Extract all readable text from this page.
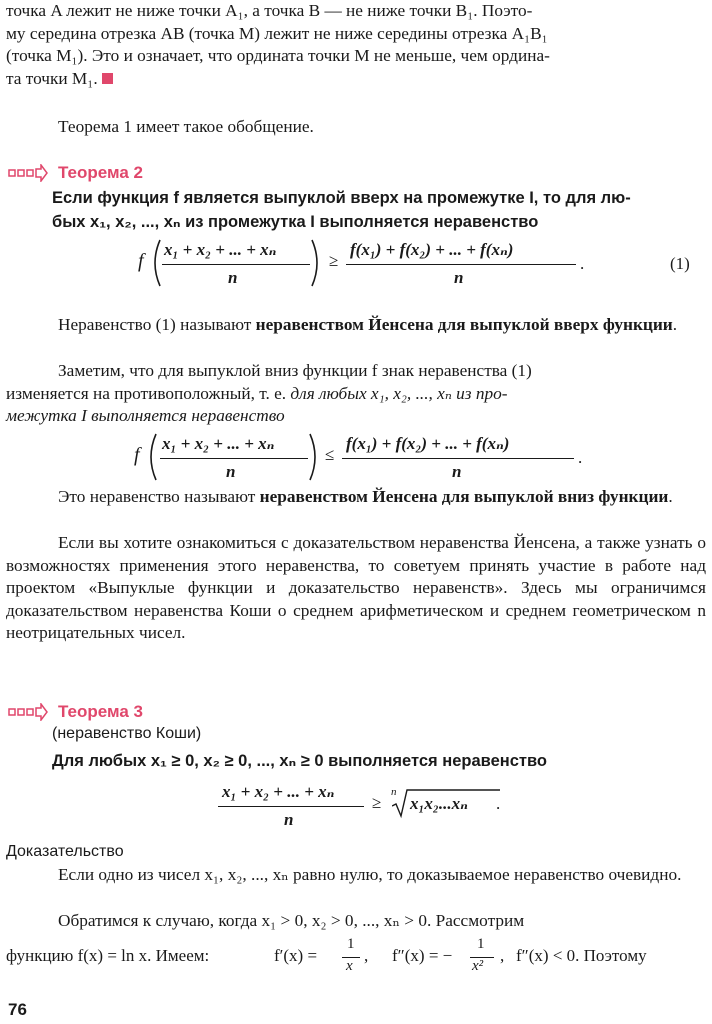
точка A лежит не ниже точки A₁, а точка B — не ниже точки B₁. Поэто-
му середина отрезка AB (точка M) лежит не ниже середины отрезка A₁B₁
(точка M₁). Это и означает, что ордината точки M не меньше, чем ордина-
та точки M₁.
Теорема 1 имеет такое обобщение.
Теорема 2
Если функция f является выпуклой вверх на промежутке I, то для лю-
бых x₁, x₂, ..., xₙ из промежутка I выполняется неравенство
f
x₁ + x₂ + ... + xₙ
n
≥
f(x₁) + f(x₂) + ... + f(xₙ)
n
.	(1)
Неравенство (1) называют неравенством Йенсена для выпуклой вверх функции.
Заметим, что для выпуклой вниз функции f знак неравенства (1)
изменяется на противоположный, т. е. для любых x₁, x₂, ..., xₙ из про-
межутка I выполняется неравенство
f
x₁ + x₂ + ... + xₙ
n
≤
f(x₁) + f(x₂) + ... + f(xₙ)
n
.
Это неравенство называют неравенством Йенсена для выпуклой вниз функции.
Если вы хотите ознакомиться с доказательством неравенства Йенсена, а также узнать о возможностях применения этого неравенства, то советуем принять участие в работе над проектом «Выпуклые функции и доказательство неравенств». Здесь мы ограничимся доказательством неравенства Коши о среднем арифметическом и среднем геометрическом n неотрицательных чисел.
Теорема 3
(неравенство Коши)
Для любых x₁ ≥ 0, x₂ ≥ 0, ..., xₙ ≥ 0 выполняется неравенство
x₁ + x₂ + ... + xₙ
n
≥
n
x₁x₂...xₙ .
Доказательство
Если одно из чисел x₁, x₂, ..., xₙ равно нулю, то доказываемое неравенство очевидно.
Обратимся к случаю, когда x₁ > 0, x₂ > 0, ..., xₙ > 0. Рассмотрим
функцию f(x) = ln x. Имеем:	f′(x) =
1
x
, f″(x) = −
1
x²
, f″(x) < 0. Поэтому
76
